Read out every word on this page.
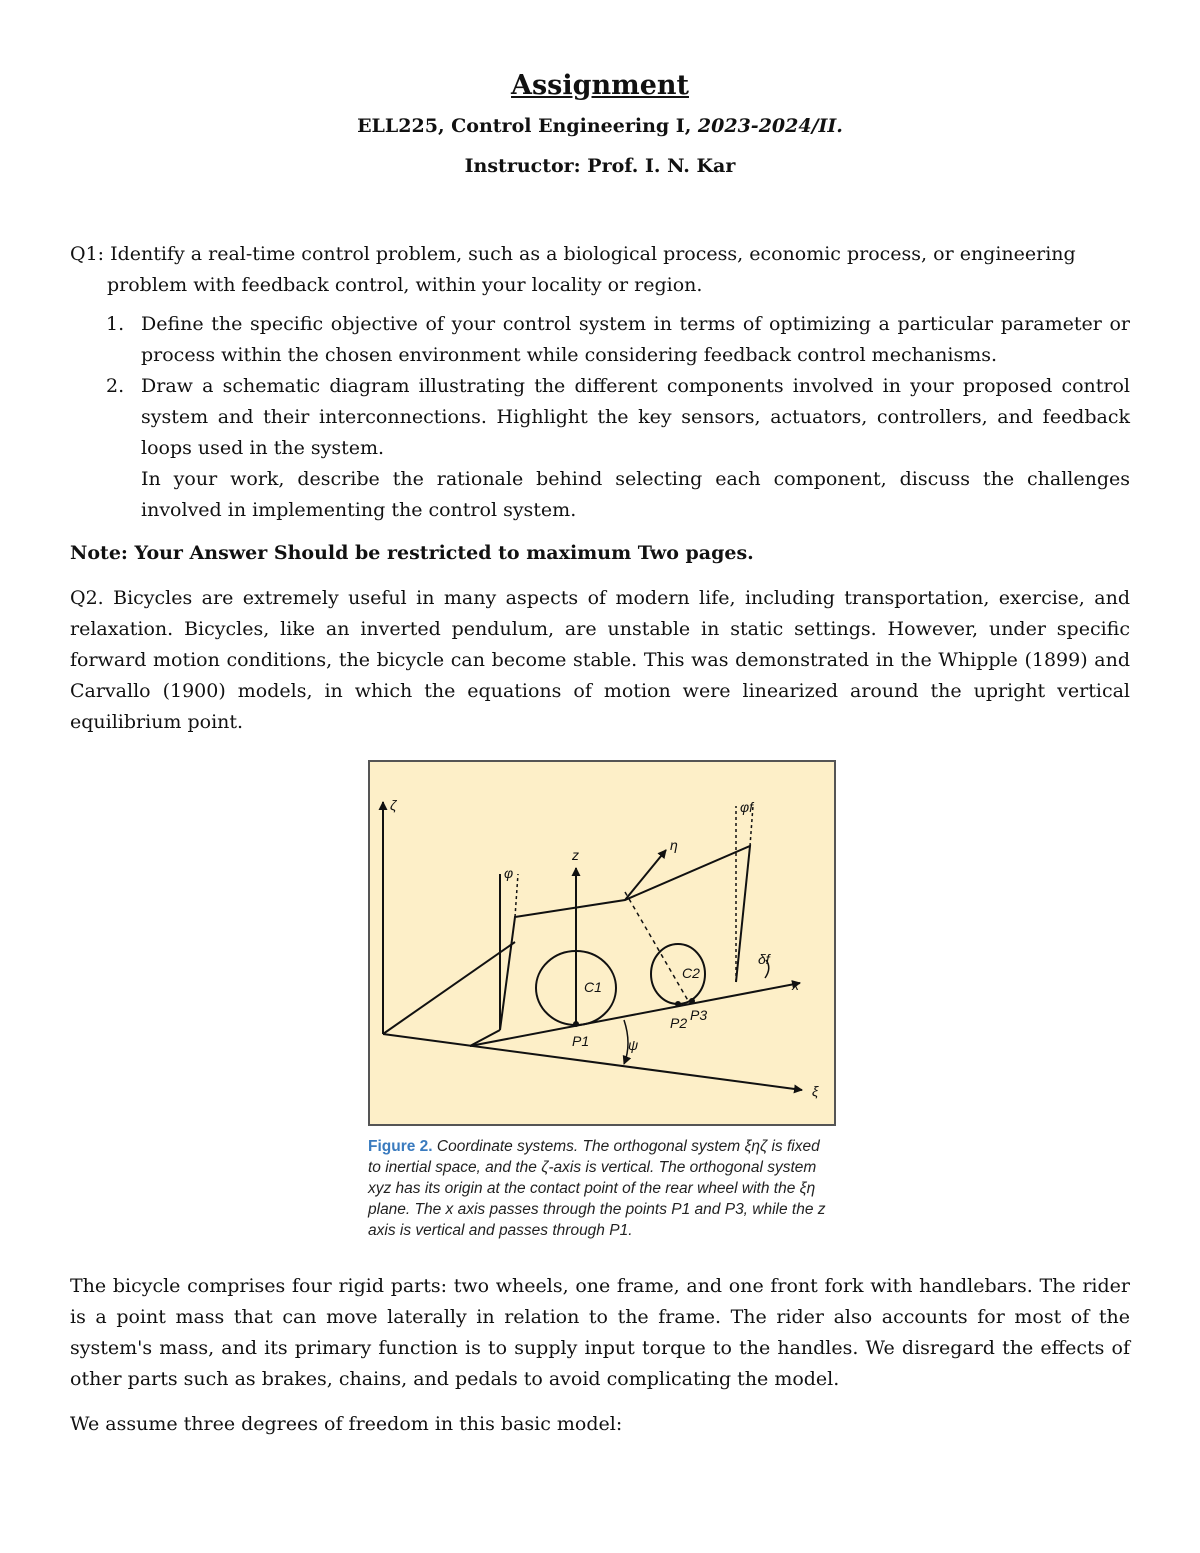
Assignment
ELL225, Control Engineering I, 2023-2024/II.
Instructor: Prof. I. N. Kar

Q1: Identify a real-time control problem, such as a biological process, economic process, or engineering problem with feedback control, within your locality or region.

1. Define the specific objective of your control system in terms of optimizing a particular parameter or process within the chosen environment while considering feedback control mechanisms.
2. Draw a schematic diagram illustrating the different components involved in your proposed control system and their interconnections. Highlight the key sensors, actuators, controllers, and feedback loops used in the system.
In your work, describe the rationale behind selecting each component, discuss the challenges involved in implementing the control system.
Note: Your Answer Should be restricted to maximum Two pages.

Q2. Bicycles are extremely useful in many aspects of modern life, including transportation, exercise, and relaxation. Bicycles, like an inverted pendulum, are unstable in static settings. However, under specific forward motion conditions, the bicycle can become stable. This was demonstrated in the Whipple (1899) and Carvallo (1900) models, in which the equations of motion were linearized around the upright vertical equilibrium point.

ζ
ξ
x
φ
φf
z
η
C1
C2
P1
P2 P3
δf
ψ
Figure 2. Coordinate systems. The orthogonal system ξηζ is fixed to inertial space, and the ζ-axis is vertical. The orthogonal system xyz has its origin at the contact point of the rear wheel with the ξη plane. The x axis passes through the points P1 and P3, while the z axis is vertical and passes through P1.

The bicycle comprises four rigid parts: two wheels, one frame, and one front fork with handlebars. The rider is a point mass that can move laterally in relation to the frame. The rider also accounts for most of the system's mass, and its primary function is to supply input torque to the handles. We disregard the effects of other parts such as brakes, chains, and pedals to avoid complicating the model.

We assume three degrees of freedom in this basic model:
